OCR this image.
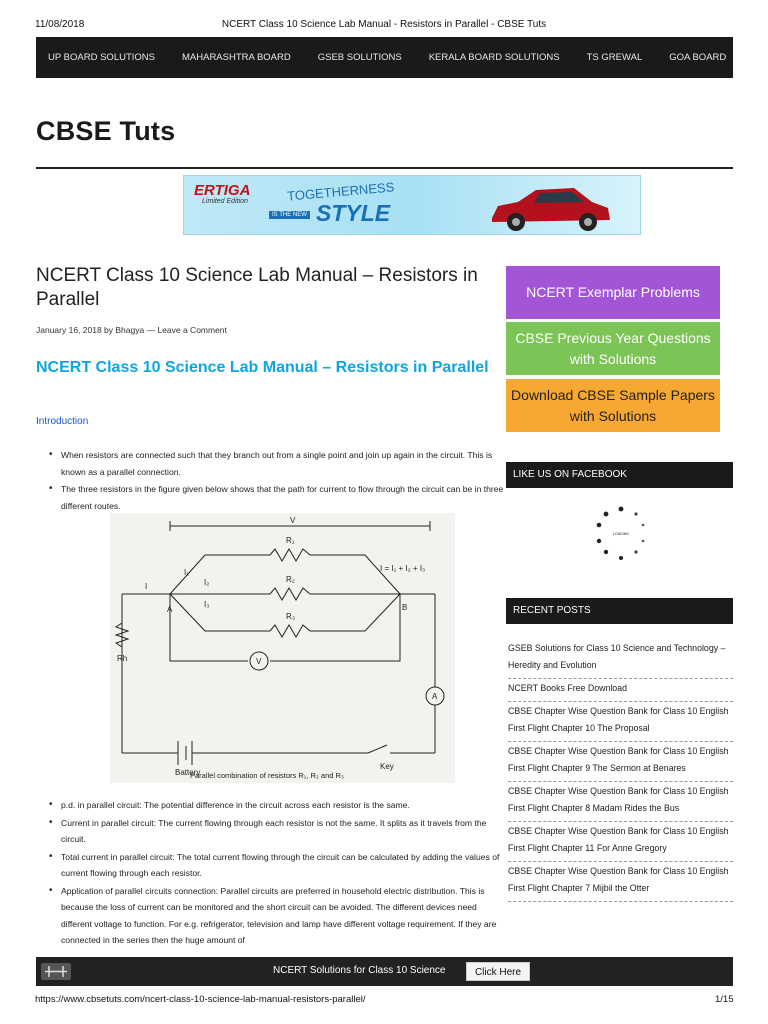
11/08/2018	NCERT Class 10 Science Lab Manual - Resistors in Parallel - CBSE Tuts
UP BOARD SOLUTIONS	MAHARASHTRA BOARD	GSEB SOLUTIONS	KERALA BOARD SOLUTIONS	TS GREWAL	GOA BOARD
CBSE Tuts
ERTIGA
Limited Edition	TOGETHERNESS
IS THE NEW STYLE
NCERT Class 10 Science Lab Manual – Resistors in Parallel
January 16, 2018 by Bhagya — Leave a Comment
NCERT Class 10 Science Lab Manual – Resistors in Parallel
Introduction
• When resistors are connected such that they branch out from a single point and join up again in the circuit. This is known as a parallel connection.
• The three resistors in the figure given below shows that the path for current to flow through the circuit can be in three different routes.
V
R₁
R₂
R₃
I
I₁
I₂
I₃
A	B
I = I₁ + I₂ + I₃
Rh	V
A
Battery
Key
Parallel combination of resistors R₁, R₂ and R₃
• p.d. in parallel circuit: The potential difference in the circuit across each resistor is the same.
• Current in parallel circuit: The current flowing through each resistor is not the same. It splits as it travels from the circuit.
• Total current in parallel circuit: The total current flowing through the circuit can be calculated by adding the values of current flowing through each resistor.
• Application of parallel circuits connection: Parallel circuits are preferred in household electric distribution. This is because the loss of current can be monitored and the short circuit can be avoided. The different devices need different voltage to function. For e.g. refrigerator, television and lamp have different voltage requirement. If they are connected in the series then the huge amount of
NCERT Exemplar Problems
CBSE Previous Year Questions with Solutions
Download CBSE Sample Papers with Solutions
LIKE US ON FACEBOOK
LOADING
RECENT POSTS
GSEB Solutions for Class 10 Science and Technology – Heredity and Evolution
NCERT Books Free Download
CBSE Chapter Wise Question Bank for Class 10 English First Flight Chapter 10 The Proposal
CBSE Chapter Wise Question Bank for Class 10 English First Flight Chapter 9 The Sermon at Benares
CBSE Chapter Wise Question Bank for Class 10 English First Flight Chapter 8 Madam Rides the Bus
CBSE Chapter Wise Question Bank for Class 10 English First Flight Chapter 11 For Anne Gregory
CBSE Chapter Wise Question Bank for Class 10 English First Flight Chapter 7 Mijbil the Otter
NCERT Solutions for Class 10 Science	Click Here
https://www.cbsetuts.com/ncert-class-10-science-lab-manual-resistors-parallel/	1/15
